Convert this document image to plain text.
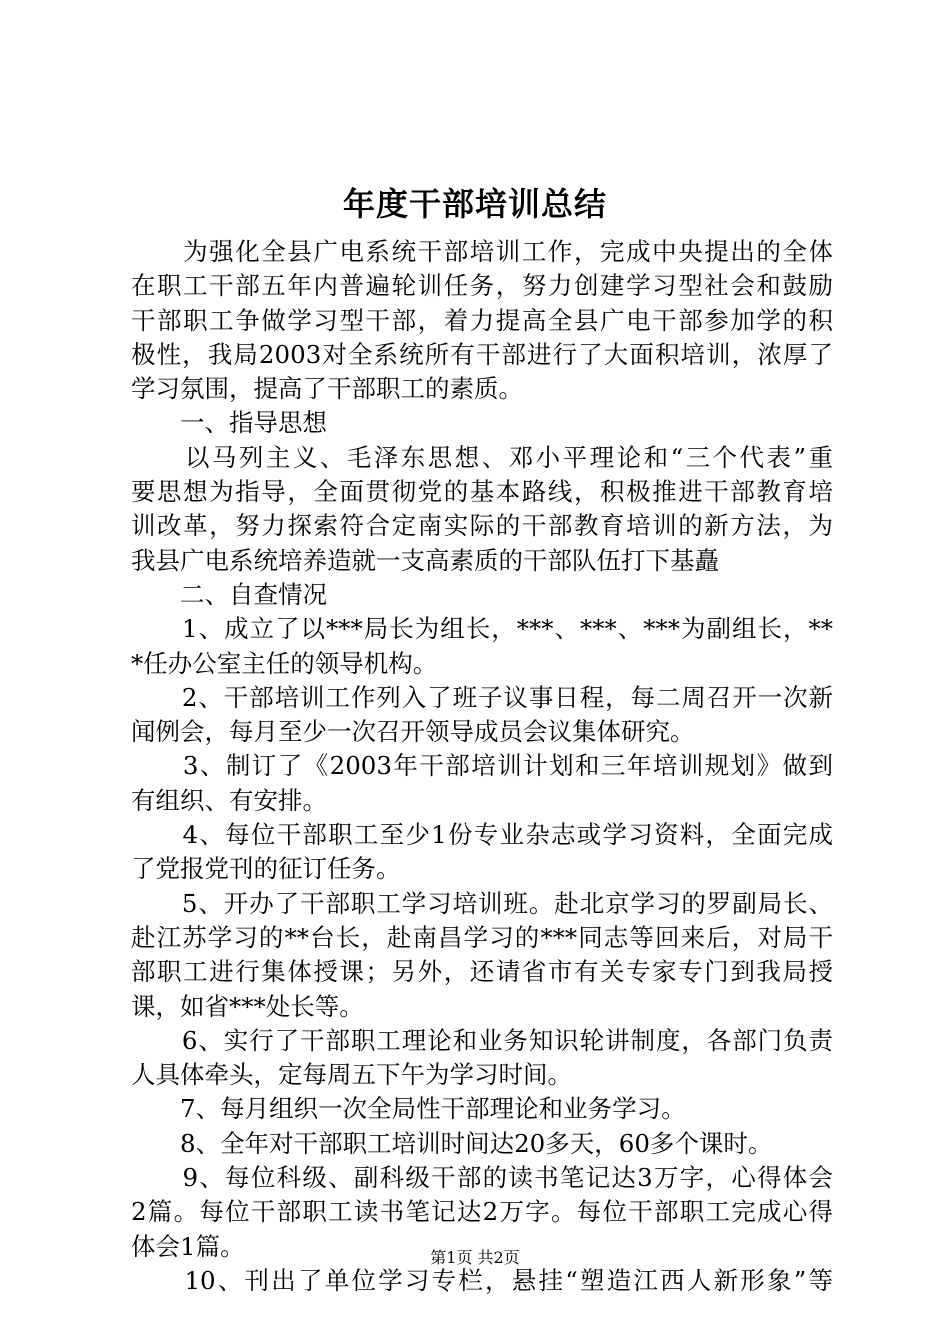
年度干部培训总结
　　为强化全县广电系统干部培训工作，完成中央提出的全体
在职工干部五年内普遍轮训任务，努力创建学习型社会和鼓励
干部职工争做学习型干部，着力提高全县广电干部参加学的积
极性，我局2003对全系统所有干部进行了大面积培训，浓厚了
学习氛围，提高了干部职工的素质。
　　一、指导思想
　　以马列主义、毛泽东思想、邓小平理论和“三个代表”重
要思想为指导，全面贯彻党的基本路线，积极推进干部教育培
训改革，努力探索符合定南实际的干部教育培训的新方法，为
我县广电系统培养造就一支高素质的干部队伍打下基矗
　　二、自查情况
　　1、成立了以***局长为组长，***、***、***为副组长，**
*任办公室主任的领导机构。
　　2、干部培训工作列入了班子议事日程，每二周召开一次新
闻例会，每月至少一次召开领导成员会议集体研究。
　　3、制订了《2003年干部培训计划和三年培训规划》做到
有组织、有安排。
　　4、每位干部职工至少1份专业杂志或学习资料，全面完成
了党报党刊的征订任务。
　　5、开办了干部职工学习培训班。赴北京学习的罗副局长、
赴江苏学习的**台长，赴南昌学习的***同志等回来后，对局干
部职工进行集体授课；另外，还请省市有关专家专门到我局授
课，如省***处长等。
　　6、实行了干部职工理论和业务知识轮讲制度，各部门负责
人具体牵头，定每周五下午为学习时间。
　　7、每月组织一次全局性干部理论和业务学习。
　　8、全年对干部职工培训时间达20多天，60多个课时。
　　9、每位科级、副科级干部的读书笔记达3万字，心得体会
2篇。每位干部职工读书笔记达2万字。每位干部职工完成心得
体会1篇。
　　10、刊出了单位学习专栏，悬挂“塑造江西人新形象”等
第1页 共2页
